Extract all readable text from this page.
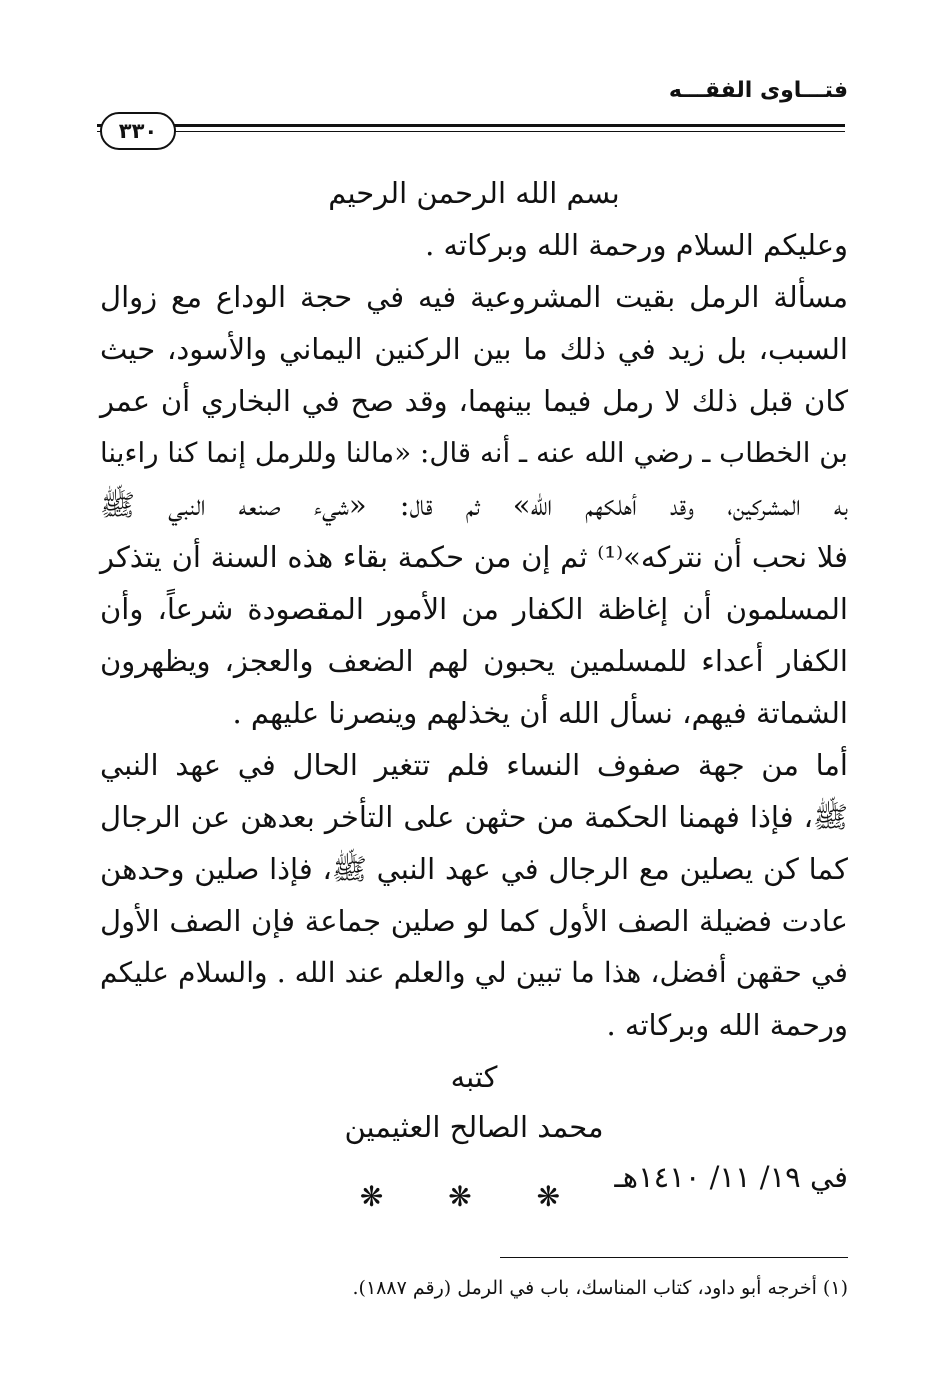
فتـــاوى الفقـــه
٣٣٠
بسم الله الرحمن الرحيم
وعليكم السلام ورحمة الله وبركاته .
مسألة الرمل بقيت المشروعية فيه في حجة الوداع مع زوال
السبب، بل زيد في ذلك ما بين الركنين اليماني والأسود، حيث
كان قبل ذلك لا رمل فيما بينهما، وقد صح في البخاري أن عمر
بن الخطاب ـ رضي الله عنه ـ أنه قال: «مالنا وللرمل إنما كنا راءينا
به المشركين، وقد أهلكهم الله» ثم قال: «شيء صنعه النبي ﷺ
فلا نحب أن نتركه»⁽¹⁾ ثم إن من حكمة بقاء هذه السنة أن يتذكر
المسلمون أن إغاظة الكفار من الأمور المقصودة شرعاً، وأن
الكفار أعداء للمسلمين يحبون لهم الضعف والعجز، ويظهرون
الشماتة فيهم، نسأل الله أن يخذلهم وينصرنا عليهم .
أما من جهة صفوف النساء فلم تتغير الحال في عهد النبي
ﷺ، فإذا فهمنا الحكمة من حثهن على التأخر بعدهن عن الرجال
كما كن يصلين مع الرجال في عهد النبي ﷺ، فإذا صلين وحدهن
عادت فضيلة الصف الأول كما لو صلين جماعة فإن الصف الأول
في حقهن أفضل، هذا ما تبين لي والعلم عند الله . والسلام عليكم
ورحمة الله وبركاته .
كتبه
محمد الصالح العثيمين
في ١٩/ ١١/ ١٤١٠هـ
❋ ❋ ❋
(١) أخرجه أبو داود، كتاب المناسك، باب في الرمل (رقم ١٨٨٧).
